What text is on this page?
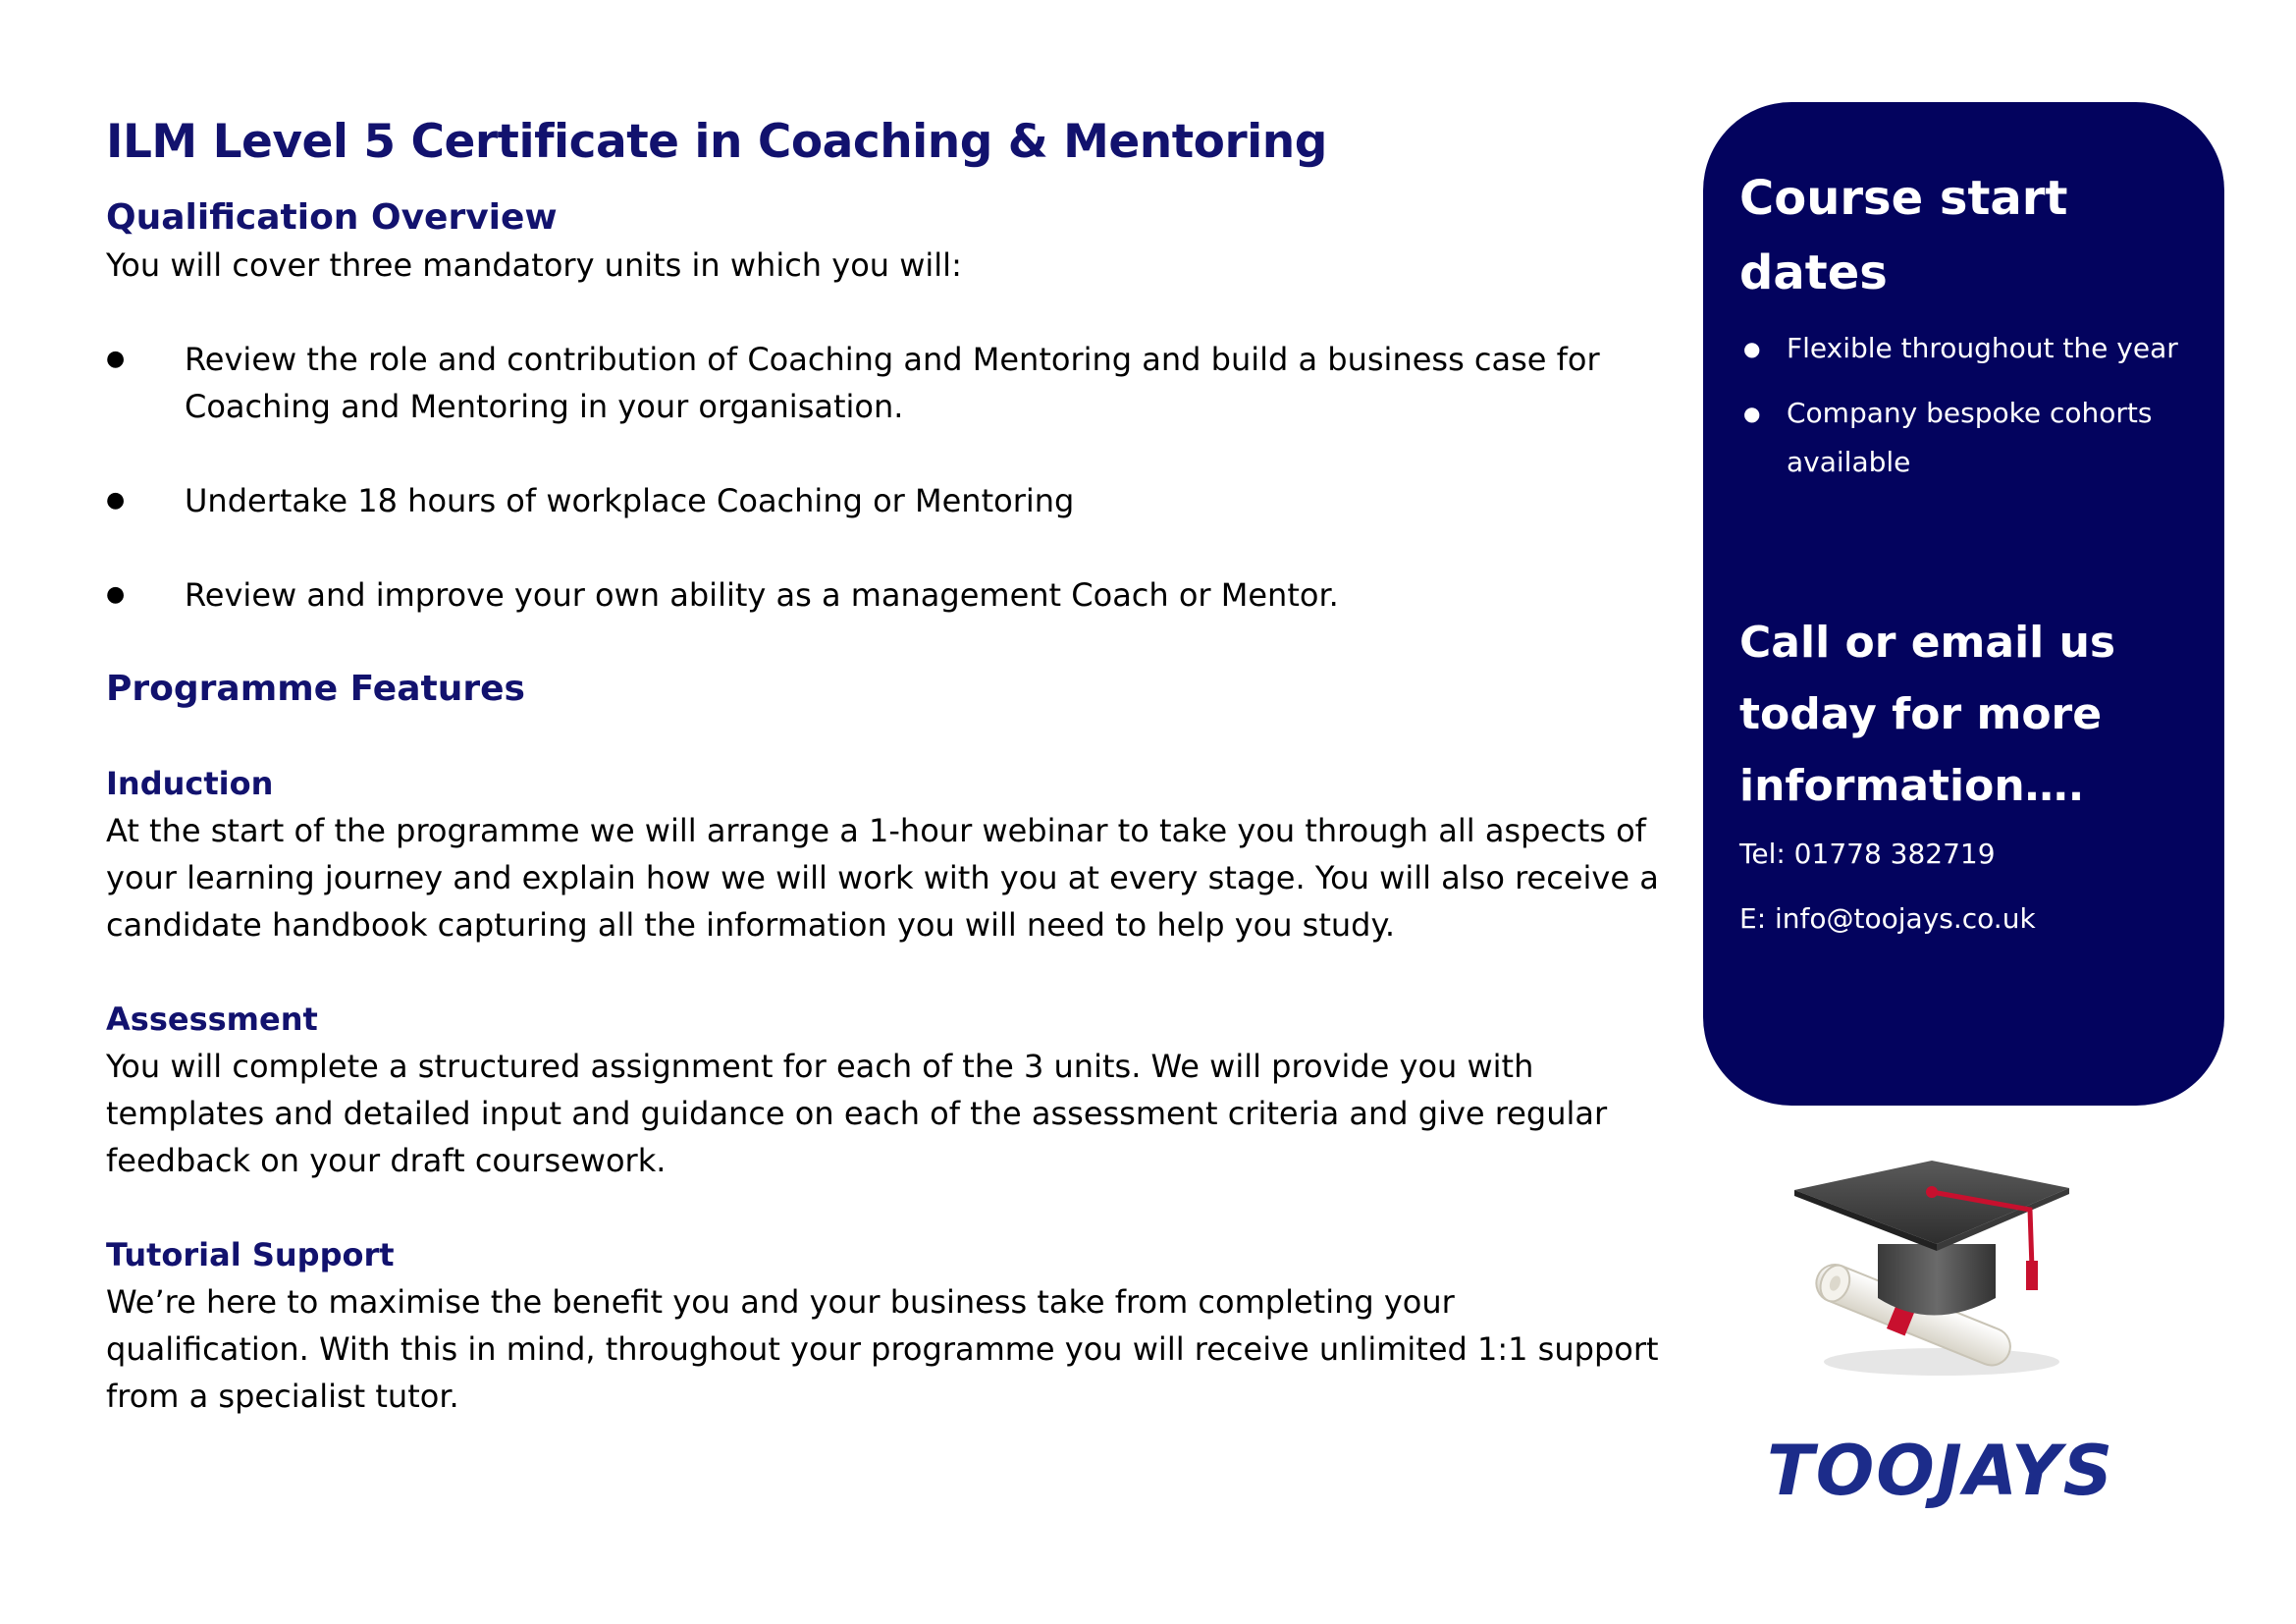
ILM Level 5 Certificate in Coaching & Mentoring
Qualification Overview

You will cover three mandatory units in which you will:

● Review the role and contribution of Coaching and Mentoring and build a business case for Coaching and Mentoring in your organisation.
● Undertake 18 hours of workplace Coaching or Mentoring
● Review and improve your own ability as a management Coach or Mentor.
Programme Features
Induction

At the start of the programme we will arrange a 1-hour webinar to take you through all aspects of your learning journey and explain how we will work with you at every stage. You will also receive a candidate handbook capturing all the information you will need to help you study.

Assessment

You will complete a structured assignment for each of the 3 units. We will provide you with templates and detailed input and guidance on each of the assessment criteria and give regular feedback on your draft coursework.

Tutorial Support

We’re here to maximise the benefit you and your business take from completing your qualification. With this in mind, throughout your programme you will receive unlimited 1:1 support from a specialist tutor.

Course start dates
● Flexible throughout the year
● Company bespoke cohorts available

Call or email us today for more information….

Tel: 01778 382719

E: info@toojays.co.uk

TOOJAYS
